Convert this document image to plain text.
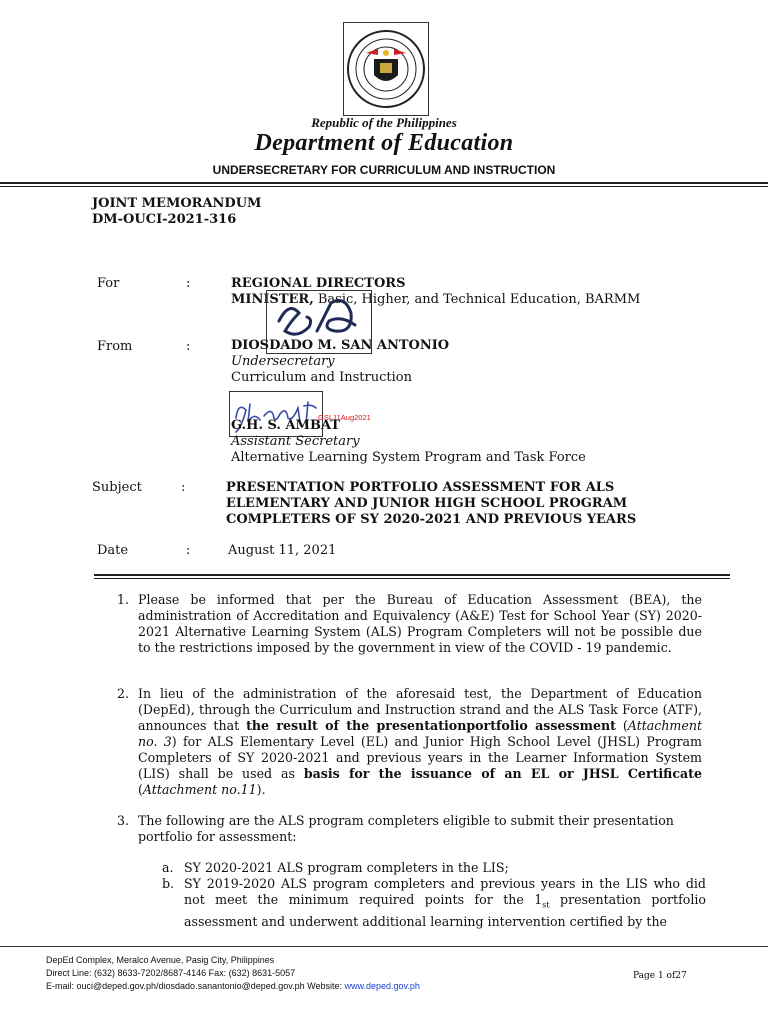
Republic of the Philippines
Department of Education
UNDERSECRETARY FOR CURRICULUM AND INSTRUCTION
JOINT MEMORANDUM
DM-OUCI-2021-316
For	:	REGIONAL DIRECTORS
MINISTER, Basic, Higher, and Technical Education, BARMM
From	:	DIOSDADO M. SAN ANTONIO
Undersecretary
Curriculum and Instruction
GSL11Aug2021
G.H. S. AMBAT
Assistant Secretary
Alternative Learning System Program and Task Force
Subject	:	PRESENTATION PORTFOLIO ASSESSMENT FOR ALS
ELEMENTARY AND JUNIOR HIGH SCHOOL PROGRAM
COMPLETERS OF SY 2020-2021 AND PREVIOUS YEARS
Date	:	August 11, 2021
1. Please be informed that per the Bureau of Education Assessment (BEA), the administration of Accreditation and Equivalency (A&E) Test for School Year (SY) 2020-2021 Alternative Learning System (ALS) Program Completers will not be possible due to the restrictions imposed by the government in view of the COVID - 19 pandemic.
2. In lieu of the administration of the aforesaid test, the Department of Education (DepEd), through the Curriculum and Instruction strand and the ALS Task Force (ATF), announces that the result of the presentationportfolio assessment (Attachment no. 3) for ALS Elementary Level (EL) and Junior High School Level (JHSL) Program Completers of SY 2020-2021 and previous years in the Learner Information System (LIS) shall be used as basis for the issuance of an EL or JHSL Certificate (Attachment no.11).
3. The following are the ALS program completers eligible to submit their presentation portfolio for assessment:
a. SY 2020-2021 ALS program completers in the LIS;
b. SY 2019-2020 ALS program completers and previous years in the LIS who did not meet the minimum required points for the $1_{st}$ presentation portfolio assessment and underwent additional learning intervention certified by the
DepEd Complex, Meralco Avenue, Pasig City, Philippines
Direct Line: (632) 8633-7202/8687-4146 Fax: (632) 8631-5057
E-mail: ouci@deped.gov.ph/diosdado.sanantonio@deped.gov.ph Website: www.deped.gov.ph
Page 1 of27
